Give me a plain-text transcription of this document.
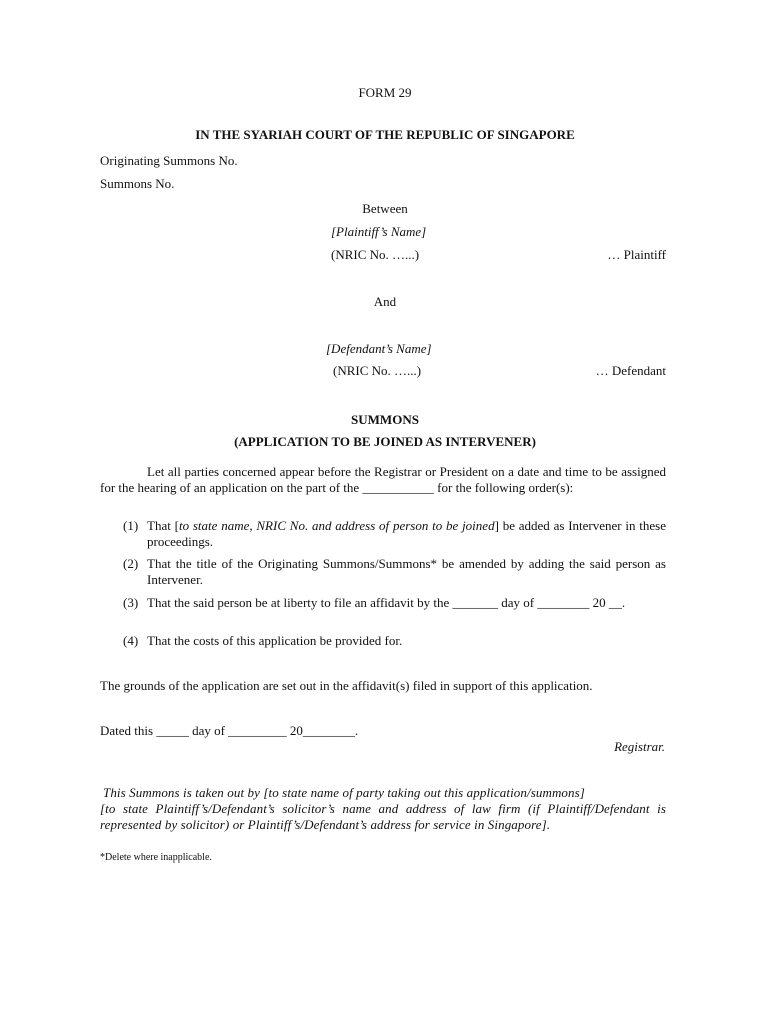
FORM 29
IN THE SYARIAH COURT OF THE REPUBLIC OF SINGAPORE
Originating Summons No.
Summons No.
Between
[Plaintiff’s Name]
(NRIC No. …...)	… Plaintiff
And
[Defendant’s Name]
(NRIC No. …...)	… Defendant
SUMMONS
(APPLICATION TO BE JOINED AS INTERVENER)
Let all parties concerned appear before the Registrar or President on a date and time to be assigned for the hearing of an application on the part of the ___________ for the following order(s):
(1) That [to state name, NRIC No. and address of person to be joined] be added as Intervener in these proceedings.
(2) That the title of the Originating Summons/Summons* be amended by adding the said person as Intervener.
(3) That the said person be at liberty to file an affidavit by the _______ day of ________ 20 __.
(4) That the costs of this application be provided for.
The grounds of the application are set out in the affidavit(s) filed in support of this application.
Dated this _____ day of _________ 20________.
Registrar.
This Summons is taken out by [to state name of party taking out this application/summons]
[to state Plaintiff’s/Defendant’s solicitor’s name and address of law firm (if Plaintiff/Defendant is represented by solicitor) or Plaintiff’s/Defendant’s address for service in Singapore].
*Delete where inapplicable.
